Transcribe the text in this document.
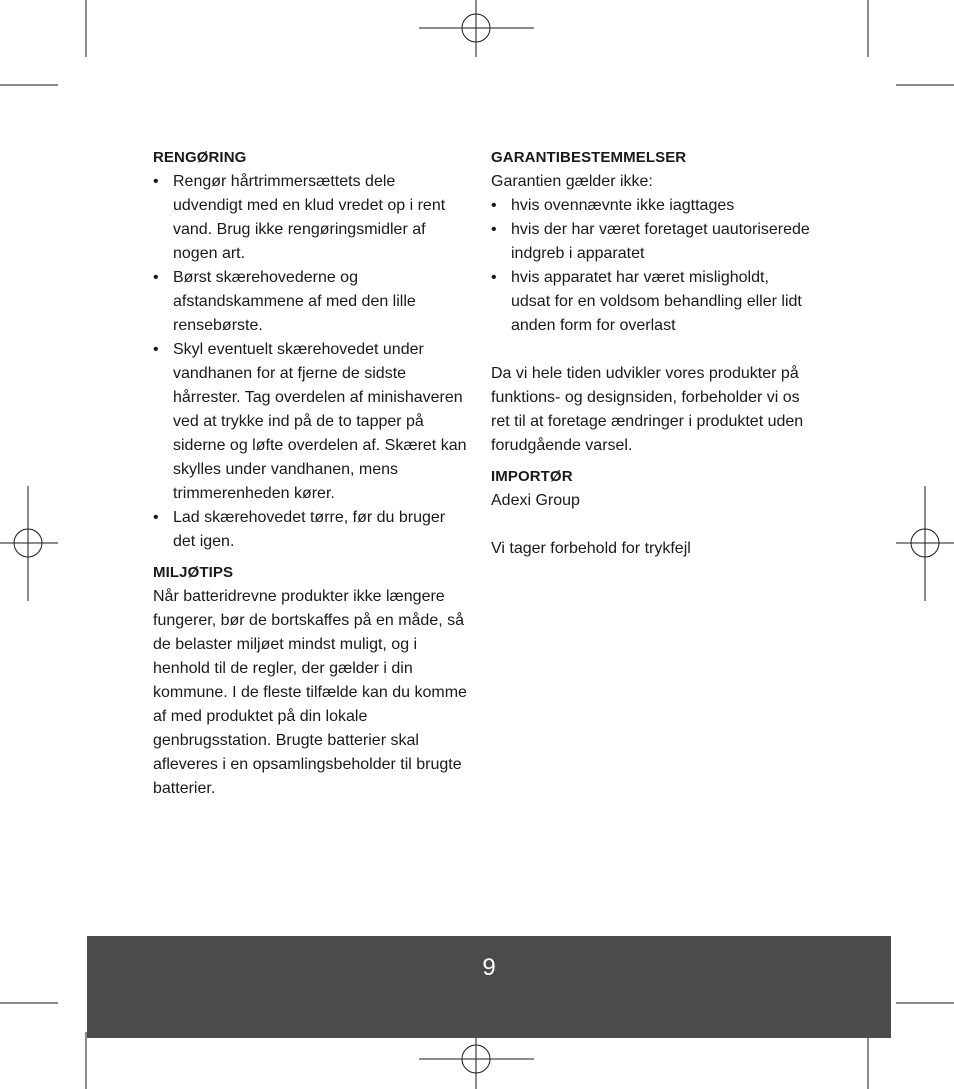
RENGØRING
• Rengør hårtrimmersættets dele udvendigt med en klud vredet op i rent vand. Brug ikke rengøringsmidler af nogen art.
• Børst skærehovederne og afstandskammene af med den lille rensebørste.
• Skyl eventuelt skærehovedet under vandhanen for at fjerne de sidste hårrester. Tag overdelen af minishaveren ved at trykke ind på de to tapper på siderne og løfte overdelen af. Skæret kan skylles under vandhanen, mens trimmerenheden kører.
• Lad skærehovedet tørre, før du bruger det igen.
MILJØTIPS

Når batteridrevne produkter ikke længere fungerer, bør de bortskaffes på en måde, så de belaster miljøet mindst muligt, og i henhold til de regler, der gælder i din kommune. I de fleste tilfælde kan du komme af med produktet på din lokale genbrugsstation. Brugte batterier skal afleveres i en opsamlingsbeholder til brugte batterier.

GARANTIBESTEMMELSER

Garantien gælder ikke:

• hvis ovennævnte ikke iagttages
• hvis der har været foretaget uautoriserede indgreb i apparatet
• hvis apparatet har været misligholdt, udsat for en voldsom behandling eller lidt anden form for overlast

Da vi hele tiden udvikler vores produkter på funktions- og designsiden, forbeholder vi os ret til at foretage ændringer i produktet uden forudgående varsel.

IMPORTØR

Adexi Group

Vi tager forbehold for trykfejl

9
